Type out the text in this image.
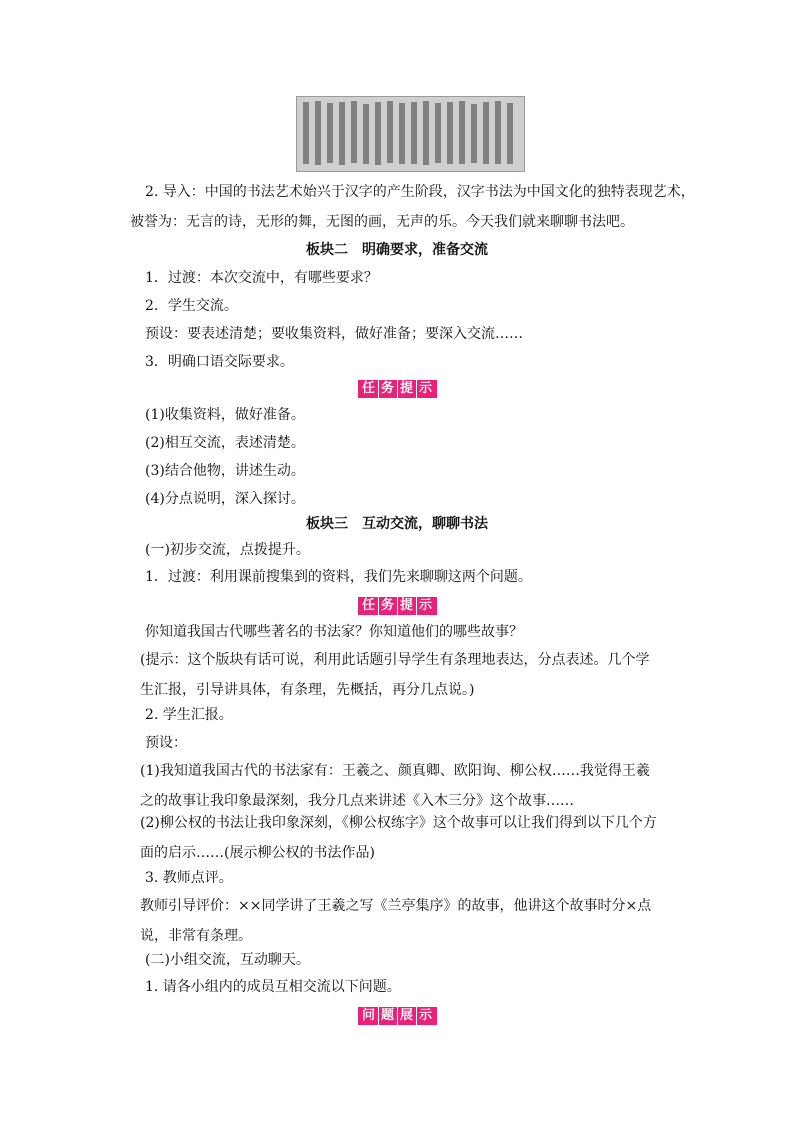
2. 导入：中国的书法艺术始兴于汉字的产生阶段，汉字书法为中国文化的独特表现艺术，
被誉为：无言的诗，无形的舞，无图的画，无声的乐。今天我们就来聊聊书法吧。
板块二　明确要求，准备交流
1．过渡：本次交流中，有哪些要求？
2．学生交流。
预设：要表述清楚；要收集资料，做好准备；要深入交流……
3．明确口语交际要求。
任 务 提 示
(1)收集资料，做好准备。
(2)相互交流，表述清楚。
(3)结合他物，讲述生动。
(4)分点说明，深入探讨。
板块三　互动交流，聊聊书法
(一)初步交流，点拨提升。
1．过渡：利用课前搜集到的资料，我们先来聊聊这两个问题。
任 务 提 示
你知道我国古代哪些著名的书法家？你知道他们的哪些故事？
(提示：这个版块有话可说，利用此话题引导学生有条理地表达，分点表述。几个学生汇报，引导讲具体，有条理，先概括，再分几点说。)
2. 学生汇报。
预设：
(1)我知道我国古代的书法家有：王羲之、颜真卿、欧阳询、柳公权……我觉得王羲之的故事让我印象最深刻，我分几点来讲述《入木三分》这个故事……
(2)柳公权的书法让我印象深刻，《柳公权练字》这个故事可以让我们得到以下几个方面的启示……(展示柳公权的书法作品)
3. 教师点评。
教师引导评价：××同学讲了王羲之写《兰亭集序》的故事，他讲这个故事时分×点说，非常有条理。
(二)小组交流，互动聊天。
1. 请各小组内的成员互相交流以下问题。
问 题 展 示
